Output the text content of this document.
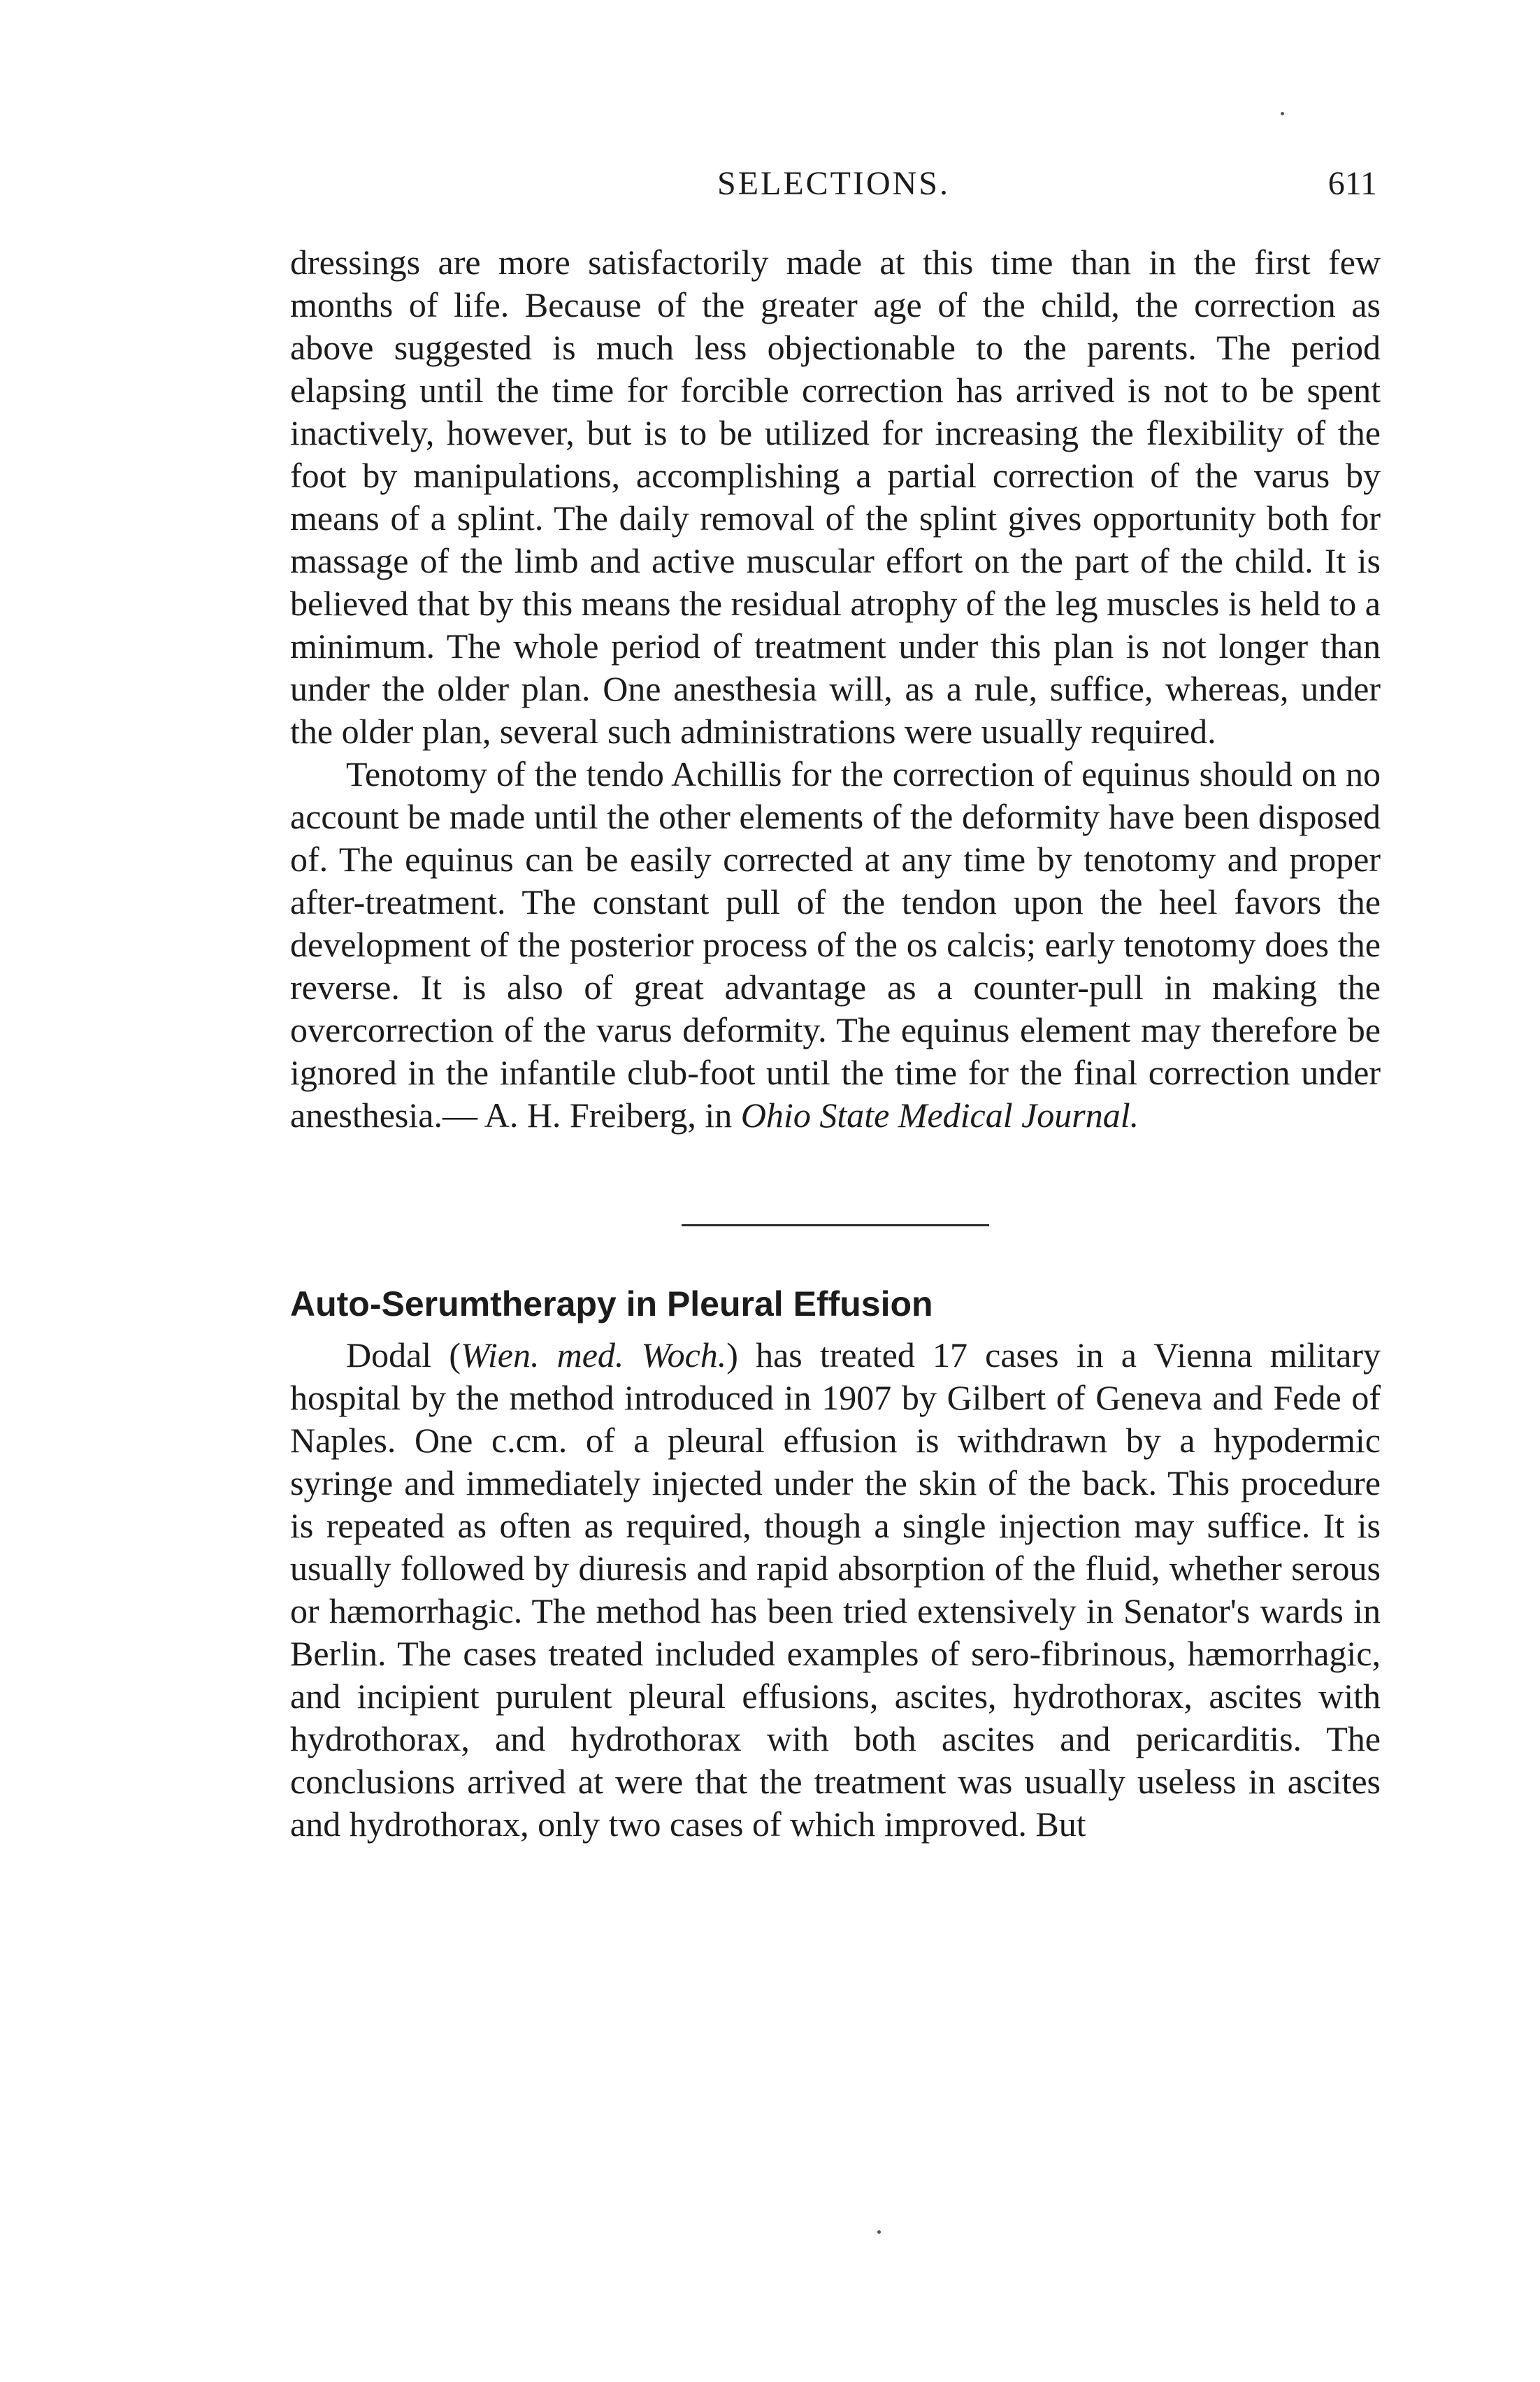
SELECTIONS.	611

dressings are more satisfactorily made at this time than in the first few months of life. Because of the greater age of the child, the correction as above suggested is much less objectionable to the parents. The period elapsing until the time for forcible correction has arrived is not to be spent inactively, however, but is to be utilized for increasing the flexibility of the foot by manipulations, accomplishing a partial correction of the varus by means of a splint. The daily removal of the splint gives opportunity both for massage of the limb and active muscular effort on the part of the child. It is believed that by this means the residual atrophy of the leg muscles is held to a minimum. The whole period of treatment under this plan is not longer than under the older plan. One anesthesia will, as a rule, suffice, whereas, under the older plan, several such administrations were usually required.

Tenotomy of the tendo Achillis for the correction of equinus should on no account be made until the other elements of the deformity have been disposed of. The equinus can be easily corrected at any time by tenotomy and proper after-treatment. The constant pull of the tendon upon the heel favors the development of the posterior process of the os calcis; early tenotomy does the reverse. It is also of great advantage as a counter-pull in making the overcorrection of the varus deformity. The equinus element may therefore be ignored in the infantile club-foot until the time for the final correction under anesthesia.— A. H. Freiberg, in Ohio State Medical Journal.

Auto-Serumtherapy in Pleural Effusion

Dodal (Wien. med. Woch.) has treated 17 cases in a Vienna military hospital by the method introduced in 1907 by Gilbert of Geneva and Fede of Naples. One c.cm. of a pleural effusion is withdrawn by a hypodermic syringe and immediately injected under the skin of the back. This procedure is repeated as often as required, though a single injection may suffice. It is usually followed by diuresis and rapid absorption of the fluid, whether serous or hæmorrhagic. The method has been tried extensively in Senator's wards in Berlin. The cases treated included examples of sero-fibrinous, hæmorrhagic, and incipient purulent pleural effusions, ascites, hydrothorax, ascites with hydrothorax, and hydrothorax with both ascites and pericarditis. The conclusions arrived at were that the treatment was usually useless in ascites and hydrothorax, only two cases of which improved. But
